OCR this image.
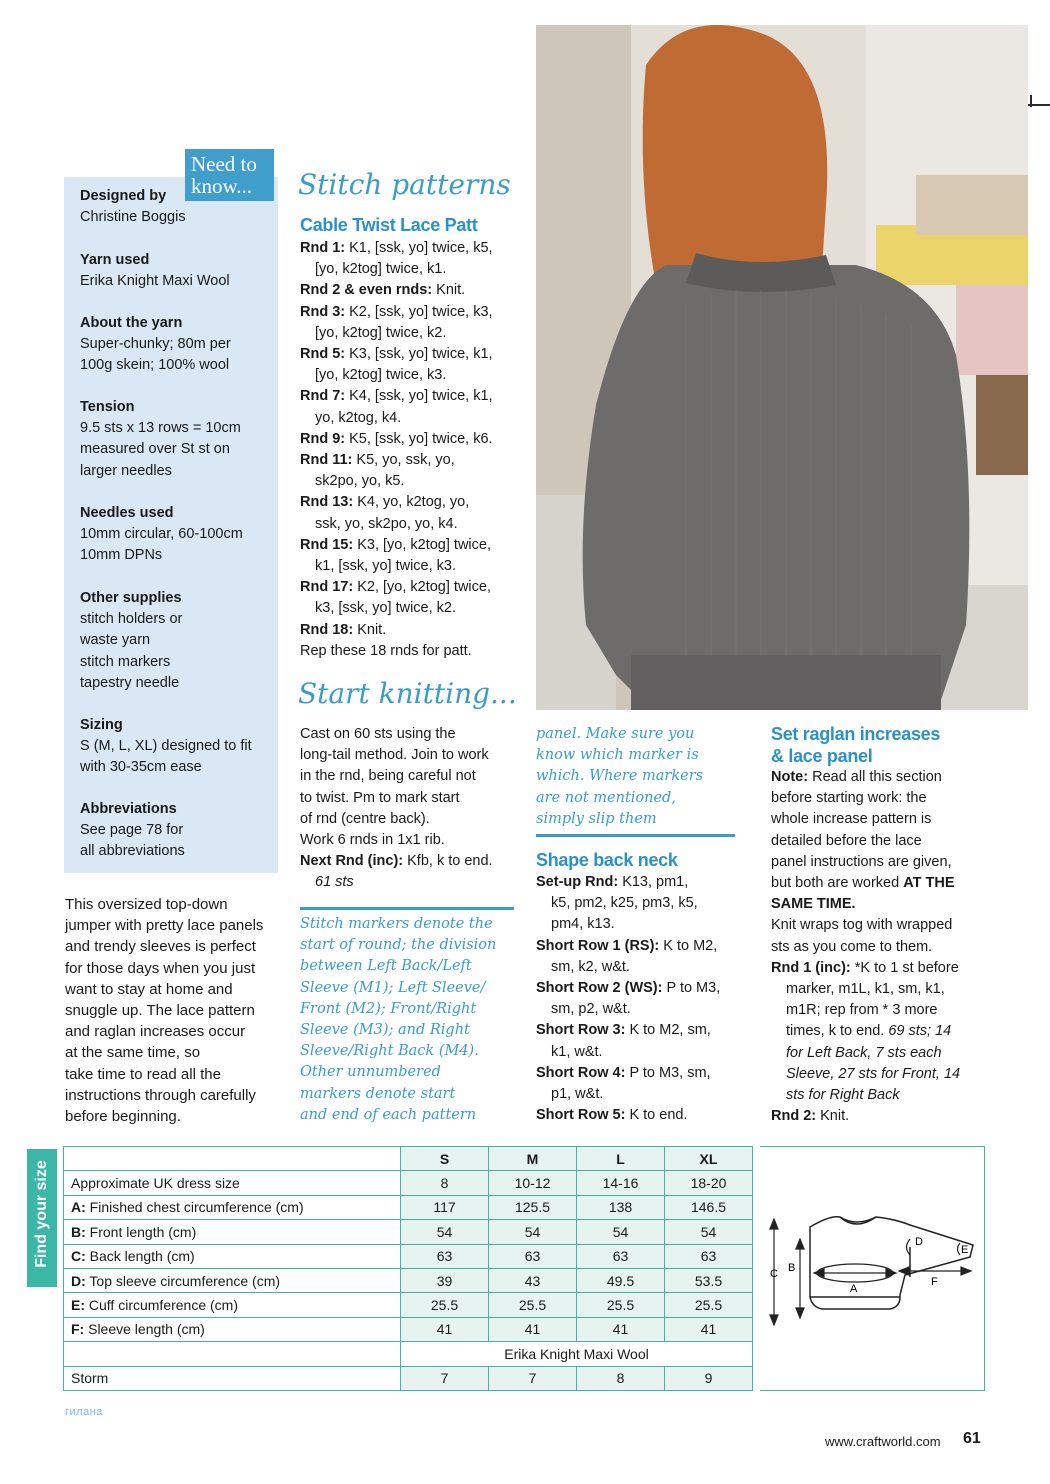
Need to know...
Designed by
Christine Boggis
Yarn used
Erika Knight Maxi Wool
About the yarn
Super-chunky; 80m per
100g skein; 100% wool
Tension
9.5 sts x 13 rows = 10cm
measured over St st on
larger needles
Needles used
10mm circular, 60-100cm
10mm DPNs
Other supplies
stitch holders or
waste yarn
stitch markers
tapestry needle
Sizing
S (M, L, XL) designed to fit
with 30-35cm ease
Abbreviations
See page 78 for
all abbreviations
This oversized top-down
jumper with pretty lace panels
and trendy sleeves is perfect
for those days when you just
want to stay at home and
snuggle up. The lace pattern
and raglan increases occur
at the same time, so
take time to read all the
instructions through carefully
before beginning.
Stitch patterns
Cable Twist Lace Patt

Rnd 1: K1, [ssk, yo] twice, k5,

[yo, k2tog] twice, k1.

Rnd 2 & even rnds: Knit.

Rnd 3: K2, [ssk, yo] twice, k3,

[yo, k2tog] twice, k2.

Rnd 5: K3, [ssk, yo] twice, k1,

[yo, k2tog] twice, k3.

Rnd 7: K4, [ssk, yo] twice, k1,

yo, k2tog, k4.

Rnd 9: K5, [ssk, yo] twice, k6.

Rnd 11: K5, yo, ssk, yo,

sk2po, yo, k5.

Rnd 13: K4, yo, k2tog, yo,

ssk, yo, sk2po, yo, k4.

Rnd 15: K3, [yo, k2tog] twice,

k1, [ssk, yo] twice, k3.

Rnd 17: K2, [yo, k2tog] twice,

k3, [ssk, yo] twice, k2.

Rnd 18: Knit.

Rep these 18 rnds for patt.

Start knitting...

Cast on 60 sts using the

long-tail method. Join to work

in the rnd, being careful not

to twist. Pm to mark start

of rnd (centre back).

Work 6 rnds in 1x1 rib.

Next Rnd (inc): Kfb, k to end.

61 sts

Stitch markers denote the
start of round; the division
between Left Back/Left
Sleeve (M1); Left Sleeve/
Front (M2); Front/Right
Sleeve (M3); and Right
Sleeve/Right Back (M4).
Other unnumbered
markers denote start
and end of each pattern
panel. Make sure you
know which marker is
which. Where markers
are not mentioned,
simply slip them
Shape back neck

Set-up Rnd: K13, pm1,

k5, pm2, k25, pm3, k5,

pm4, k13.

Short Row 1 (RS): K to M2,

sm, k2, w&t.

Short Row 2 (WS): P to M3,

sm, p2, w&t.

Short Row 3: K to M2, sm,

k1, w&t.

Short Row 4: P to M3, sm,

p1, w&t.

Short Row 5: K to end.

Set raglan increases
& lace panel

Note: Read all this section

before starting work: the

whole increase pattern is

detailed before the lace

panel instructions are given,

but both are worked AT THE

SAME TIME.

Knit wraps tog with wrapped

sts as you come to them.

Rnd 1 (inc): *K to 1 st before

marker, m1L, k1, sm, k1,

m1R; rep from * 3 more

times, k to end. 69 sts; 14

for Left Back, 7 sts each

Sleeve, 27 sts for Front, 14

sts for Right Back

Rnd 2: Knit.

Find your size
	S	M	L	XL
Approximate UK dress size	8	10-12	14-16	18-20
A: Finished chest circumference (cm)	117	125.5	138	146.5
B: Front length (cm)	54	54	54	54
C: Back length (cm)	63	63	63	63
D: Top sleeve circumference (cm)	39	43	49.5	53.5
E: Cuff circumference (cm)	25.5	25.5	25.5	25.5
F: Sleeve length (cm)	41	41	41	41
	Erika Knight Maxi Wool			
Storm	7	7	8	9
C B
A
D
E
F
гилана
www.craftworld.com 61
